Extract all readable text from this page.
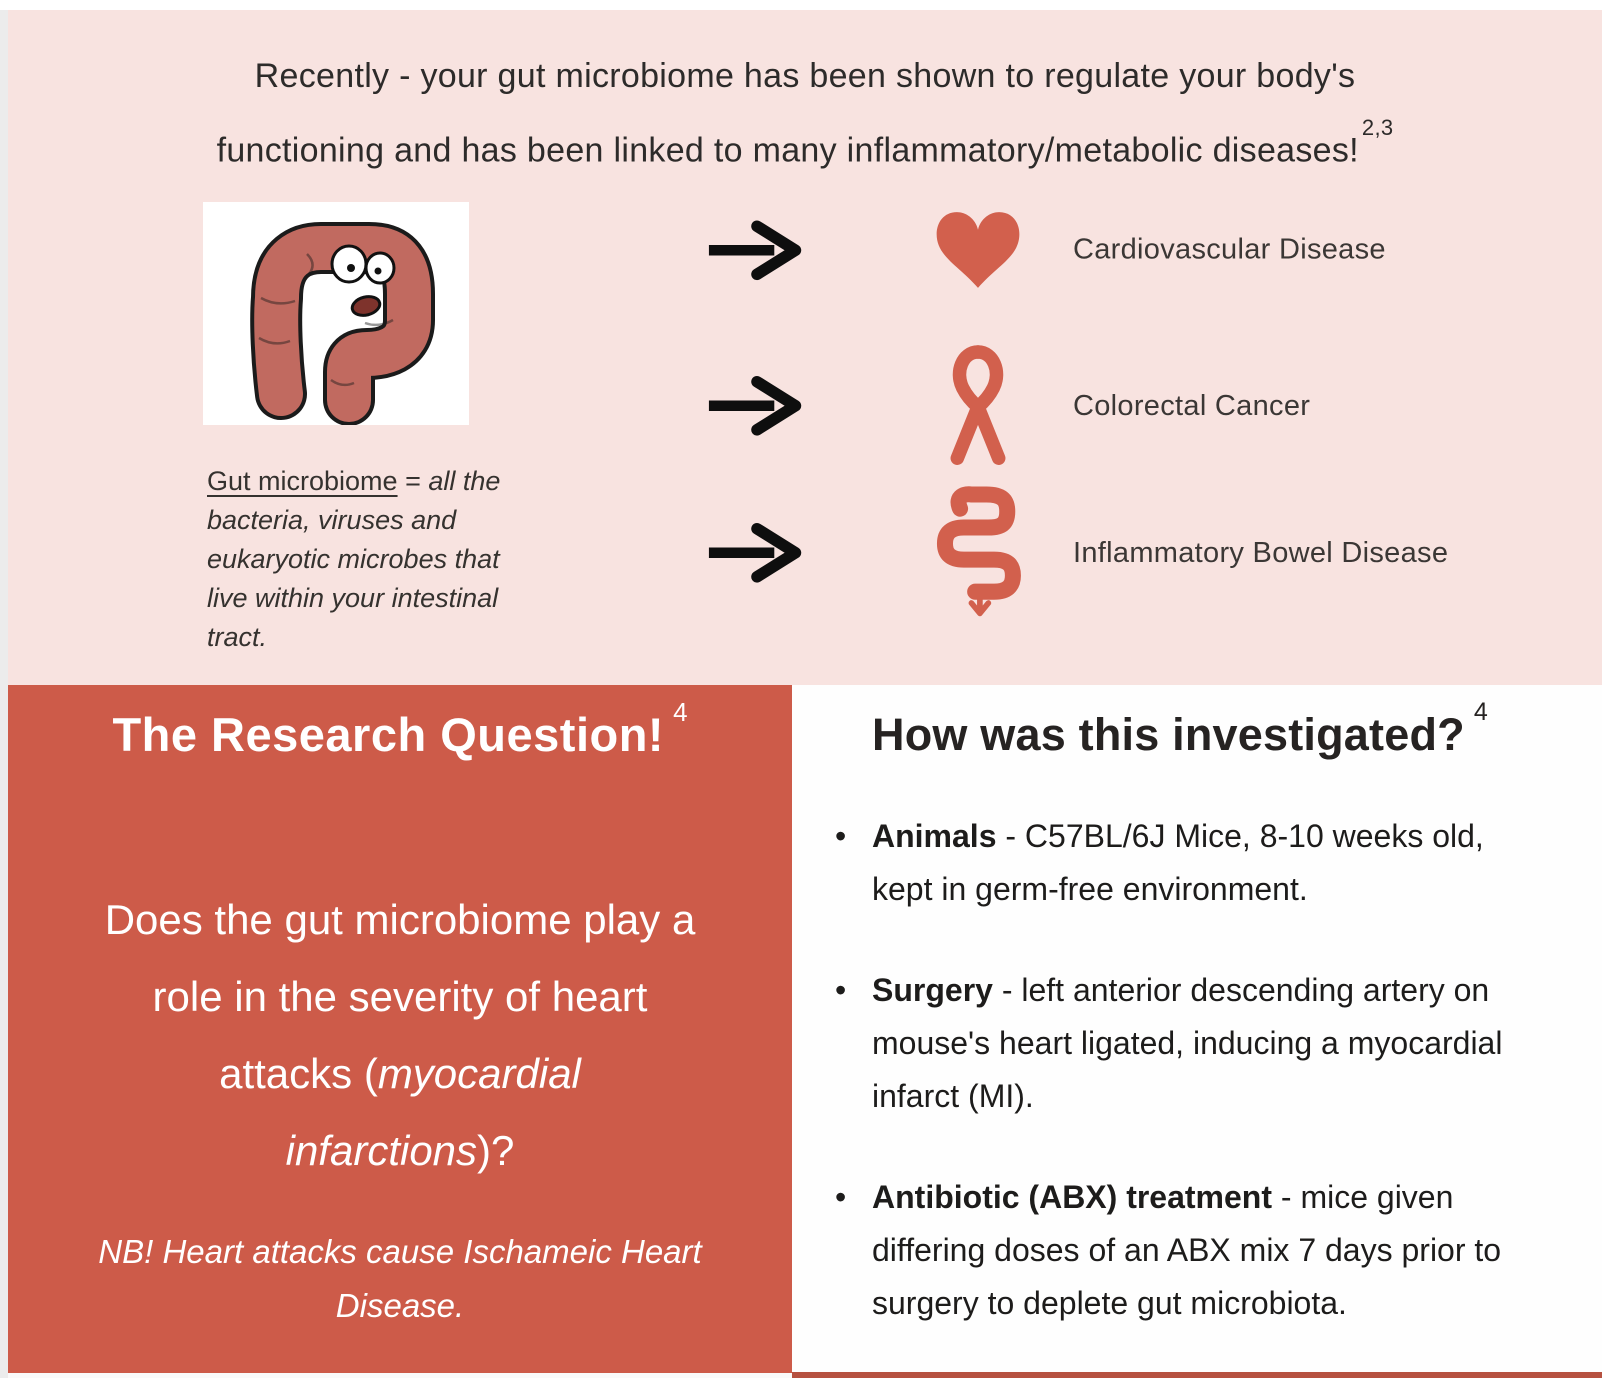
Recently - your gut microbiome has been shown to regulate your body's
functioning and has been linked to many inflammatory/metabolic diseases!$^{2,3}$
Gut microbiome = all the bacteria, viruses and eukaryotic microbes that live within your intestinal tract.
Cardiovascular Disease
Colorectal Cancer
Inflammatory Bowel Disease
The Research Question! $^4$

Does the gut microbiome play a role in the severity of heart attacks (myocardial infarctions)?

NB! Heart attacks cause Ischameic Heart Disease.

How was this investigated? $^4$
• Animals - C57BL/6J Mice, 8-10 weeks old, kept in germ-free environment.
• Surgery - left anterior descending artery on mouse's heart ligated, inducing a myocardial infarct (MI).
• Antibiotic (ABX) treatment - mice given differing doses of an ABX mix 7 days prior to surgery to deplete gut microbiota.
